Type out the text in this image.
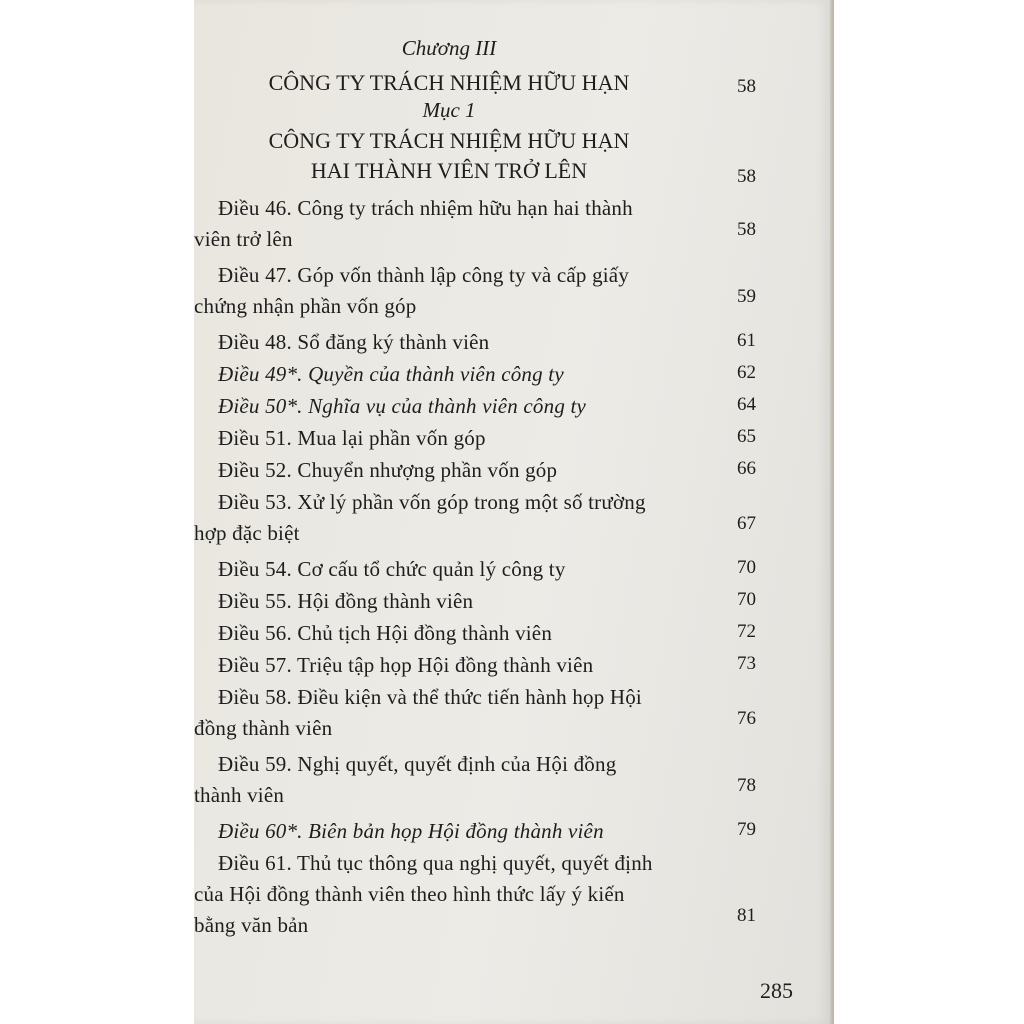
Chương III
CÔNG TY TRÁCH NHIỆM HỮU HẠN	58
Mục 1
CÔNG TY TRÁCH NHIỆM HỮU HẠN
HAI THÀNH VIÊN TRỞ LÊN	58
Điều 46. Công ty trách nhiệm hữu hạn hai thành
viên trở lên	58
Điều 47. Góp vốn thành lập công ty và cấp giấy
chứng nhận phần vốn góp	59
Điều 48. Sổ đăng ký thành viên	61
Điều 49*. Quyền của thành viên công ty	62
Điều 50*. Nghĩa vụ của thành viên công ty	64
Điều 51. Mua lại phần vốn góp	65
Điều 52. Chuyển nhượng phần vốn góp	66
Điều 53. Xử lý phần vốn góp trong một số trường
hợp đặc biệt	67
Điều 54. Cơ cấu tổ chức quản lý công ty	70
Điều 55. Hội đồng thành viên	70
Điều 56. Chủ tịch Hội đồng thành viên	72
Điều 57. Triệu tập họp Hội đồng thành viên	73
Điều 58. Điều kiện và thể thức tiến hành họp Hội
đồng thành viên	76
Điều 59. Nghị quyết, quyết định của Hội đồng
thành viên	78
Điều 60*. Biên bản họp Hội đồng thành viên	79
Điều 61. Thủ tục thông qua nghị quyết, quyết định
của Hội đồng thành viên theo hình thức lấy ý kiến
bằng văn bản	81
285
